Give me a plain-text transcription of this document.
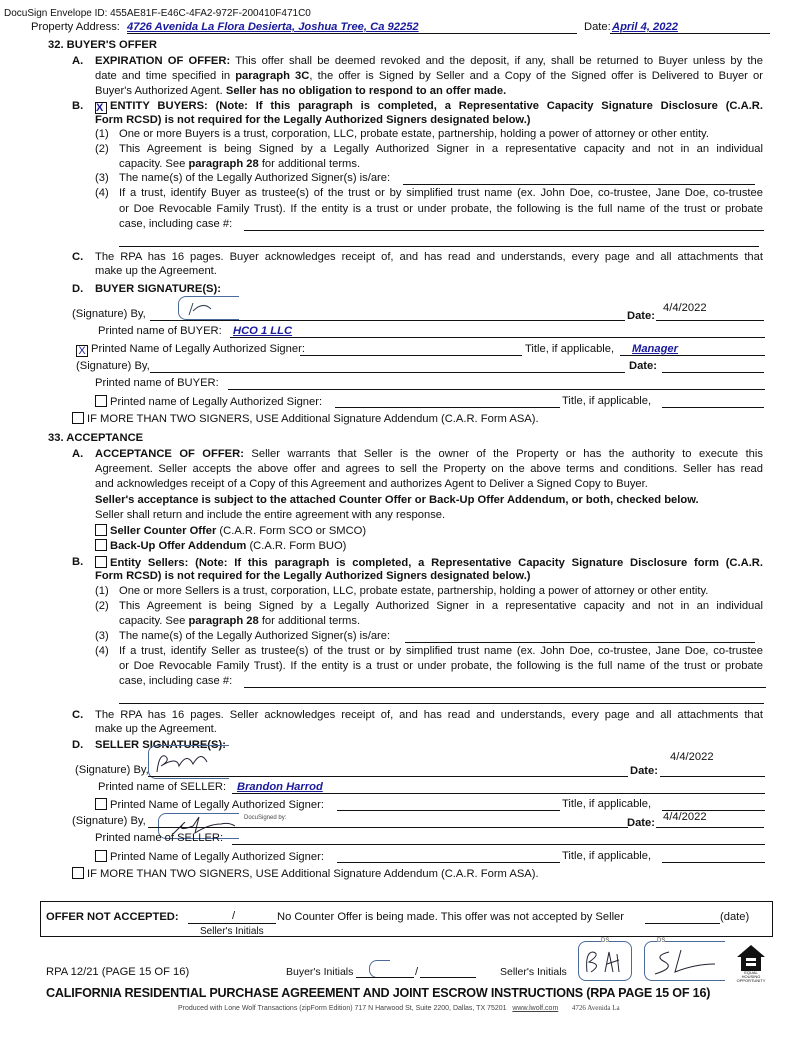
DocuSign Envelope ID: 455AE81F-E46C-4FA2-972F-200410F471C0
Property Address: 4726 Avenida La Flora Desierta, Joshua Tree, Ca 92252	Date: April 4, 2022
32. BUYER'S OFFER
A. EXPIRATION OF OFFER: This offer shall be deemed revoked and the deposit, if any, shall be returned to Buyer unless by the
date and time specified in paragraph 3C, the offer is Signed by Seller and a Copy of the Signed offer is Delivered to Buyer or
Buyer's Authorized Agent. Seller has no obligation to respond to an offer made.
B. X ENTITY BUYERS: (Note: If this paragraph is completed, a Representative Capacity Signature Disclosure (C.A.R.
Form RCSD) is not required for the Legally Authorized Signers designated below.)
(1) One or more Buyers is a trust, corporation, LLC, probate estate, partnership, holding a power of attorney or other entity.
(2) This Agreement is being Signed by a Legally Authorized Signer in a representative capacity and not in an individual
capacity. See paragraph 28 for additional terms.
(3) The name(s) of the Legally Authorized Signer(s) is/are:
(4) If a trust, identify Buyer as trustee(s) of the trust or by simplified trust name (ex. John Doe, co-trustee, Jane Doe, co-trustee
or Doe Revocable Family Trust). If the entity is a trust or under probate, the following is the full name of the trust or probate
case, including case #:
C. The RPA has 16 pages. Buyer acknowledges receipt of, and has read and understands, every page and all attachments that
make up the Agreement.
D. BUYER SIGNATURE(S):
(Signature) By,	Date:
4/4/2022
Printed name of BUYER: HCO 1 LLC
X Printed Name of Legally Authorized Signer:	Title, if applicable, Manager
(Signature) By,	Date:
Printed name of BUYER:
Printed name of Legally Authorized Signer:	Title, if applicable,
IF MORE THAN TWO SIGNERS, USE Additional Signature Addendum (C.A.R. Form ASA).
33. ACCEPTANCE
A. ACCEPTANCE OF OFFER: Seller warrants that Seller is the owner of the Property or has the authority to execute this
Agreement. Seller accepts the above offer and agrees to sell the Property on the above terms and conditions. Seller has read
and acknowledges receipt of a Copy of this Agreement and authorizes Agent to Deliver a Signed Copy to Buyer.
Seller's acceptance is subject to the attached Counter Offer or Back-Up Offer Addendum, or both, checked below.
Seller shall return and include the entire agreement with any response.
Seller Counter Offer (C.A.R. Form SCO or SMCO)
Back-Up Offer Addendum (C.A.R. Form BUO)
B.	Entity Sellers: (Note: If this paragraph is completed, a Representative Capacity Signature Disclosure form (C.A.R.
Form RCSD) is not required for the Legally Authorized Signers designated below.)
(1) One or more Sellers is a trust, corporation, LLC, probate estate, partnership, holding a power of attorney or other entity.
(2) This Agreement is being Signed by a Legally Authorized Signer in a representative capacity and not in an individual
capacity. See paragraph 28 for additional terms.
(3) The name(s) of the Legally Authorized Signer(s) is/are:
(4) If a trust, identify Seller as trustee(s) of the trust or by simplified trust name (ex. John Doe, co-trustee, Jane Doe, co-trustee
or Doe Revocable Family Trust). If the entity is a trust or under probate, the following is the full name of the trust or probate
case, including case #:
C. The RPA has 16 pages. Seller acknowledges receipt of, and has read and understands, every page and all attachments that
make up the Agreement.
D. SELLER SIGNATURE(S):
(Signature) By,	Date:
4/4/2022
Printed name of SELLER: Brandon Harrod
Printed Name of Legally Authorized Signer:	Title, if applicable,
(Signature) By,	DocuSigned by:	Date: 4/4/2022
Printed name of SELLER:
Printed Name of Legally Authorized Signer:	Title, if applicable,
IF MORE THAN TWO SIGNERS, USE Additional Signature Addendum (C.A.R. Form ASA).
OFFER NOT ACCEPTED:	/	No Counter Offer is being made. This offer was not accepted by Seller	(date)
Seller's Initials
RPA 12/21 (PAGE 15 OF 16)	Buyer's Initials	/	Seller's Initials
DS	DS
EQUAL HOUSING OPPORTUNITY
CALIFORNIA RESIDENTIAL PURCHASE AGREEMENT AND JOINT ESCROW INSTRUCTIONS (RPA PAGE 15 OF 16)
Produced with Lone Wolf Transactions (zipForm Edition) 717 N Harwood St, Suite 2200, Dallas, TX 75201 www.lwolf.com 4726 Avenida La
